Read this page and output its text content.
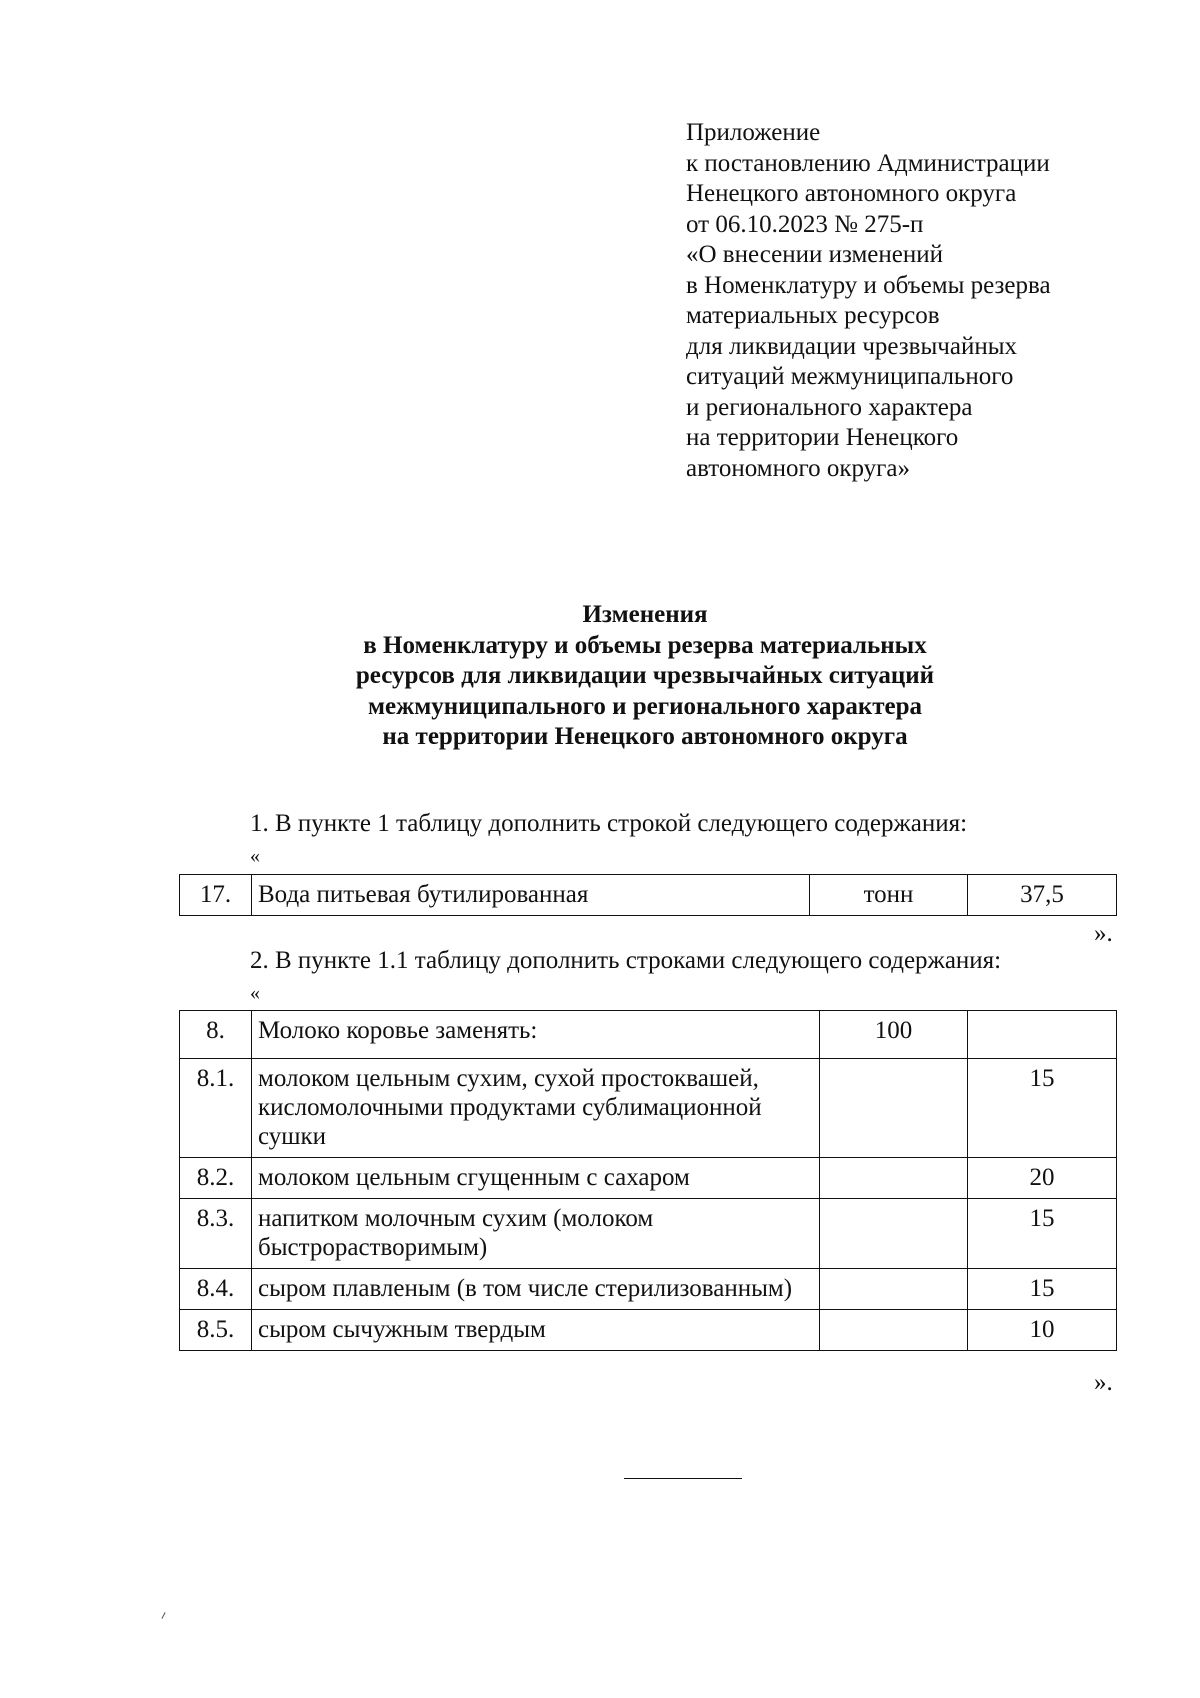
Приложение
к постановлению Администрации
Ненецкого автономного округа
от 06.10.2023 № 275-п
«О внесении изменений
в Номенклатуру и объемы резерва
материальных ресурсов
для ликвидации чрезвычайных
ситуаций межмуниципального
и регионального характера
на территории Ненецкого
автономного округа»
Изменения
в Номенклатуру и объемы резерва материальных
ресурсов для ликвидации чрезвычайных ситуаций
межмуниципального и регионального характера
на территории Ненецкого автономного округа
1. В пункте 1 таблицу дополнить строкой следующего содержания:
«
17.	Вода питьевая бутилированная	тонн	37,5
».
2. В пункте 1.1 таблицу дополнить строками следующего содержания:
«
8.	Молоко коровье заменять:	100	
8.1.	молоком цельным сухим, сухой простоквашей, кисломолочными продуктами сублимационной сушки		15
8.2.	молоком цельным сгущенным с сахаром		20
8.3.	напитком молочным сухим (молоком быстрорастворимым)		15
8.4.	сыром плавленым (в том числе стерилизованным)		15
8.5.	сыром сычужным твердым		10
».
